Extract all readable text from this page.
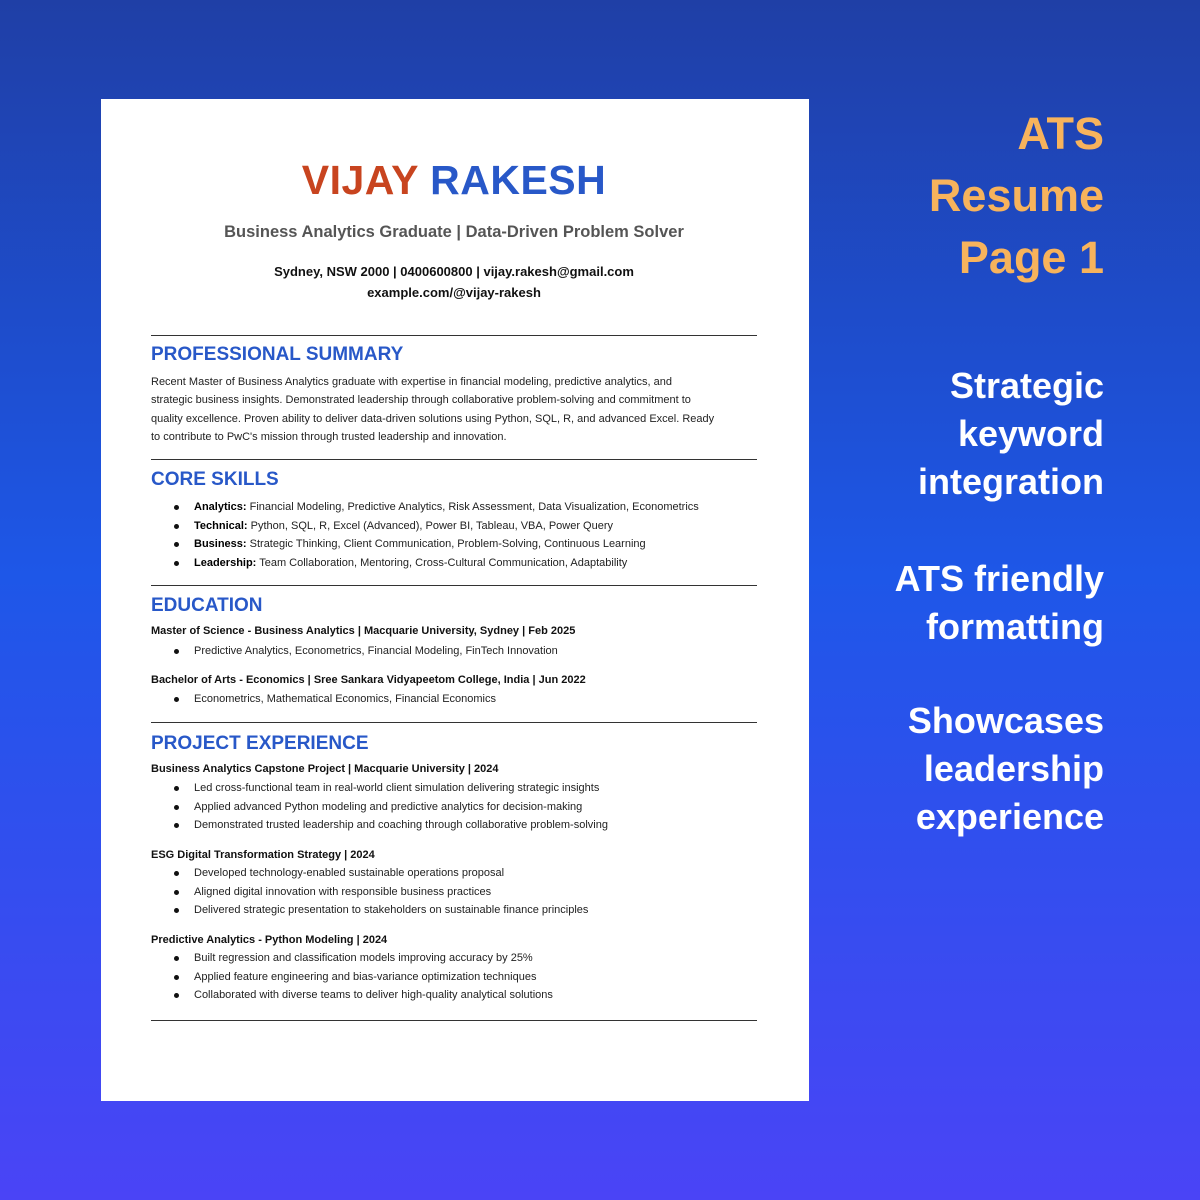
VIJAY RAKESH
Business Analytics Graduate | Data-Driven Problem Solver
Sydney, NSW 2000 | 0400600800 | vijay.rakesh@gmail.com
example.com/@vijay-rakesh
PROFESSIONAL SUMMARY
Recent Master of Business Analytics graduate with expertise in financial modeling, predictive analytics, and
strategic business insights. Demonstrated leadership through collaborative problem-solving and commitment to
quality excellence. Proven ability to deliver data-driven solutions using Python, SQL, R, and advanced Excel. Ready
to contribute to PwC's mission through trusted leadership and innovation.
CORE SKILLS
Analytics: Financial Modeling, Predictive Analytics, Risk Assessment, Data Visualization, Econometrics
Technical: Python, SQL, R, Excel (Advanced), Power BI, Tableau, VBA, Power Query
Business: Strategic Thinking, Client Communication, Problem-Solving, Continuous Learning
Leadership: Team Collaboration, Mentoring, Cross-Cultural Communication, Adaptability
EDUCATION
Master of Science - Business Analytics | Macquarie University, Sydney | Feb 2025
Predictive Analytics, Econometrics, Financial Modeling, FinTech Innovation
Bachelor of Arts - Economics | Sree Sankara Vidyapeetom College, India | Jun 2022
Econometrics, Mathematical Economics, Financial Economics
PROJECT EXPERIENCE
Business Analytics Capstone Project | Macquarie University | 2024
Led cross-functional team in real-world client simulation delivering strategic insights
Applied advanced Python modeling and predictive analytics for decision-making
Demonstrated trusted leadership and coaching through collaborative problem-solving
ESG Digital Transformation Strategy | 2024
Developed technology-enabled sustainable operations proposal
Aligned digital innovation with responsible business practices
Delivered strategic presentation to stakeholders on sustainable finance principles
Predictive Analytics - Python Modeling | 2024
Built regression and classification models improving accuracy by 25%
Applied feature engineering and bias-variance optimization techniques
Collaborated with diverse teams to deliver high-quality analytical solutions
ATS
Resume
Page 1
Strategic
keyword
integration
ATS friendly
formatting
Showcases
leadership
experience
